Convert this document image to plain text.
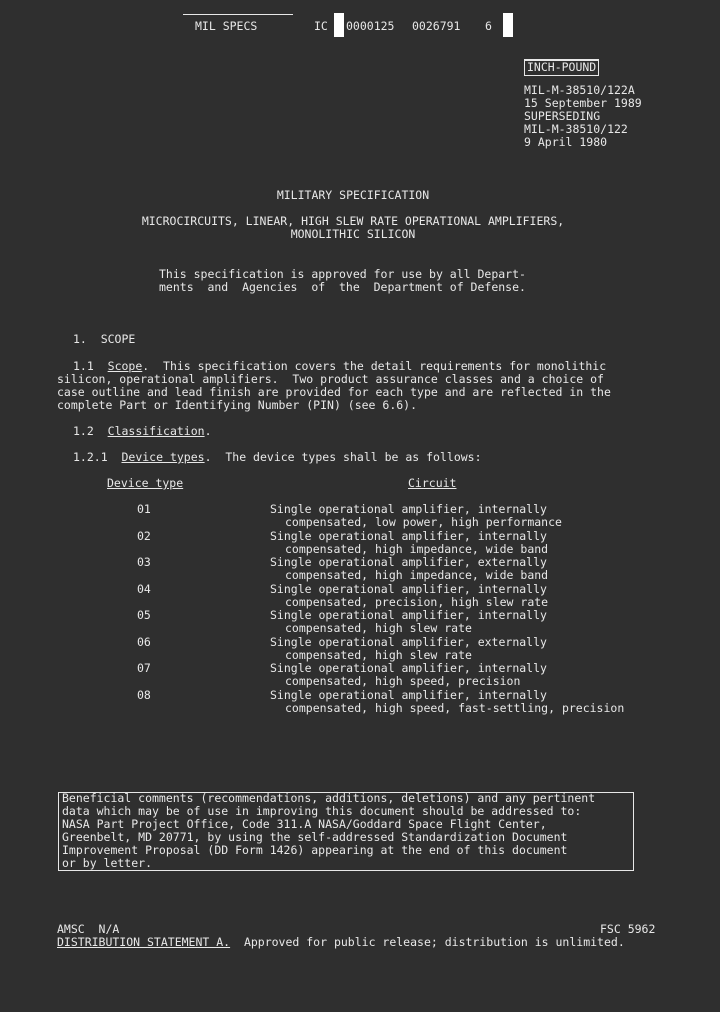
MIL SPECS	IC 0000125 0026791 6
INCH-POUND
MIL-M-38510/122A
15 September 1989
SUPERSEDING
MIL-M-38510/122
9 April 1980
MILITARY SPECIFICATION
MICROCIRCUITS, LINEAR, HIGH SLEW RATE OPERATIONAL AMPLIFIERS,
MONOLITHIC SILICON
This specification is approved for use by all Depart-
ments  and  Agencies  of  the  Department of Defense.
1.  SCOPE
1.1 Scope.  This specification covers the detail requirements for monolithic
silicon, operational amplifiers.  Two product assurance classes and a choice of
case outline and lead finish are provided for each type and are reflected in the
complete Part or Identifying Number (PIN) (see 6.6).
1.2 Classification.
1.2.1 Device types.  The device types shall be as follows:
Device type	Circuit
01	Single operational amplifier, internally
compensated, low power, high performance
02	Single operational amplifier, internally
compensated, high impedance, wide band
03	Single operational amplifier, externally
compensated, high impedance, wide band
04	Single operational amplifier, internally
compensated, precision, high slew rate
05	Single operational amplifier, internally
compensated, high slew rate
06	Single operational amplifier, externally
compensated, high slew rate
07	Single operational amplifier, internally
compensated, high speed, precision
08	Single operational amplifier, internally
compensated, high speed, fast-settling, precision
Beneficial comments (recommendations, additions, deletions) and any pertinent
data which may be of use in improving this document should be addressed to:
NASA Part Project Office, Code 311.A NASA/Goddard Space Flight Center,
Greenbelt, MD 20771, by using the self-addressed Standardization Document
Improvement Proposal (DD Form 1426) appearing at the end of this document
or by letter.
AMSC  N/A	FSC 5962
DISTRIBUTION STATEMENT A.  Approved for public release; distribution is unlimited.
